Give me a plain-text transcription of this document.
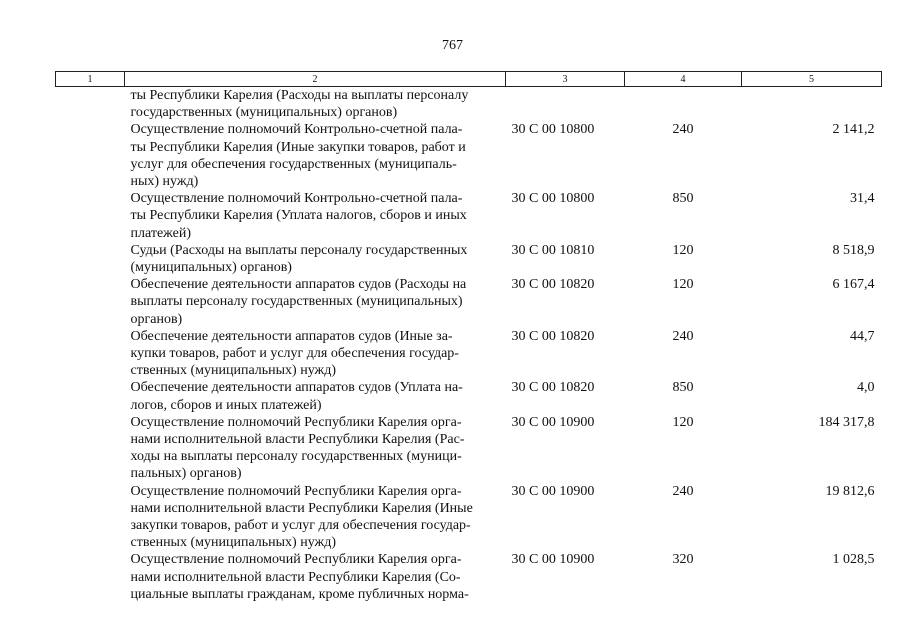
767
1	2	3	4	5

	ты Республики Карелия (Расходы на выплаты персоналу
государственных (муниципальных) органов)			

	Осуществление полномочий Контрольно-счетной пала-
ты Республики Карелия (Иные закупки товаров, работ и
услуг для обеспечения государственных (муниципаль-
ных) нужд)	30 С 00 10800	240	2 141,2

	Осуществление полномочий Контрольно-счетной пала-
ты Республики Карелия (Уплата налогов, сборов и иных
платежей)	30 С 00 10800	850	31,4

	Судьи (Расходы на выплаты персоналу государственных
(муниципальных) органов)	30 С 00 10810	120	8 518,9

	Обеспечение деятельности аппаратов судов (Расходы на
выплаты персоналу государственных (муниципальных)
органов)	30 С 00 10820	120	6 167,4

	Обеспечение деятельности аппаратов судов (Иные за-
купки товаров, работ и услуг для обеспечения государ-
ственных (муниципальных) нужд)	30 С 00 10820	240	44,7

	Обеспечение деятельности аппаратов судов (Уплата на-
логов, сборов и иных платежей)	30 С 00 10820	850	4,0

	Осуществление полномочий Республики Карелия орга-
нами исполнительной власти Республики Карелия (Рас-
ходы на выплаты персоналу государственных (муници-
пальных) органов)	30 С 00 10900	120	184 317,8

	Осуществление полномочий Республики Карелия орга-
нами исполнительной власти Республики Карелия (Иные
закупки товаров, работ и услуг для обеспечения государ-
ственных (муниципальных) нужд)	30 С 00 10900	240	19 812,6

	Осуществление полномочий Республики Карелия орга-
нами исполнительной власти Республики Карелия (Со-
циальные выплаты гражданам, кроме публичных норма-	30 С 00 10900	320	1 028,5
